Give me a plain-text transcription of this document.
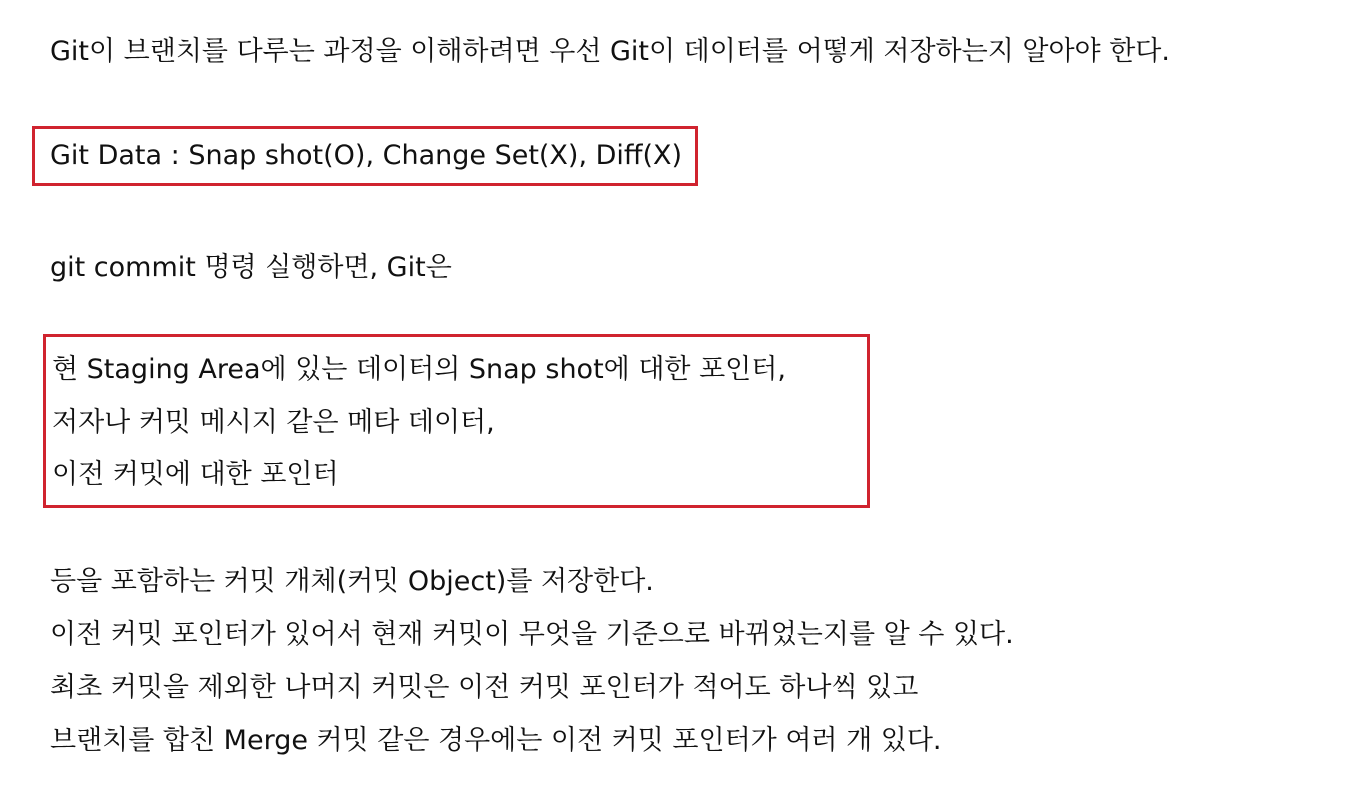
Git이 브랜치를 다루는 과정을 이해하려면 우선 Git이 데이터를 어떻게 저장하는지 알아야 한다.

Git Data : Snap shot(O), Change Set(X), Diff(X)

git commit 명령 실행하면, Git은

현 Staging Area에 있는 데이터의 Snap shot에 대한 포인터,

저자나 커밋 메시지 같은 메타 데이터,

이전 커밋에 대한 포인터

등을 포함하는 커밋 개체(커밋 Object)를 저장한다.

이전 커밋 포인터가 있어서 현재 커밋이 무엇을 기준으로 바뀌었는지를 알 수 있다.

최초 커밋을 제외한 나머지 커밋은 이전 커밋 포인터가 적어도 하나씩 있고

브랜치를 합친 Merge 커밋 같은 경우에는 이전 커밋 포인터가 여러 개 있다.
